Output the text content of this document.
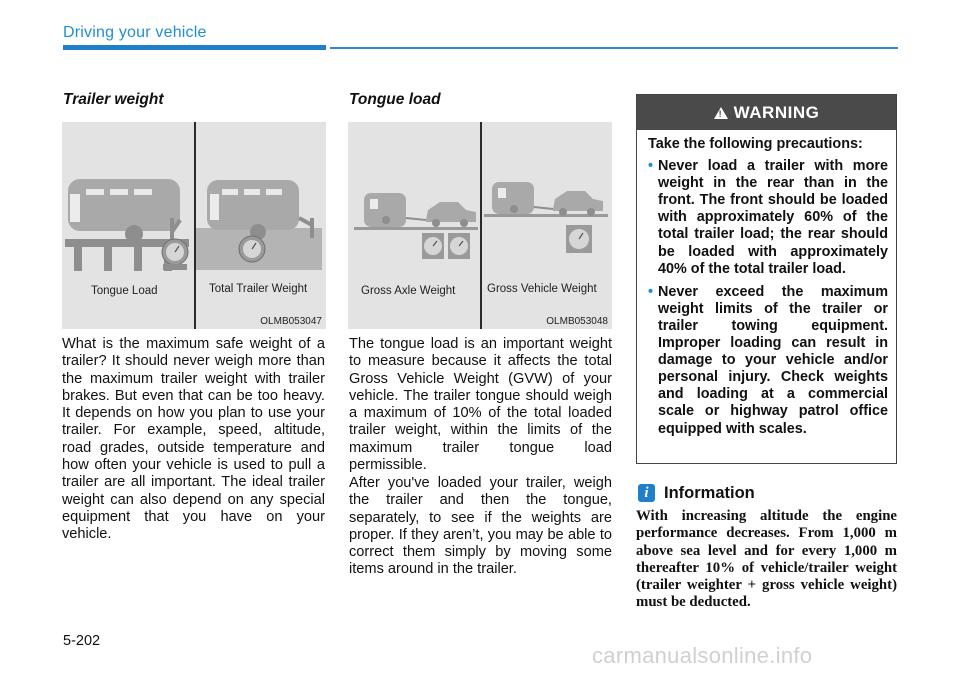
Driving your vehicle
Trailer weight
Tongue Load	Total Trailer Weight
OLMB053047

What is the maximum safe weight of a trailer? It should never weigh more than the maximum trailer weight with trailer brakes. But even that can be too heavy. It depends on how you plan to use your trailer. For example, speed, altitude, road grades, outside temperature and how often your vehicle is used to pull a trailer are all important. The ideal trailer weight can also depend on any special equipment that you have on your vehicle.

Tongue load
Gross Axle Weight	Gross Vehicle Weight
OLMB053048

The tongue load is an important weight to measure because it affects the total Gross Vehicle Weight (GVW) of your vehicle. The trailer tongue should weigh a maximum of 10% of the total loaded trailer weight, within the limits of the maximum trailer tongue load permissible.

After you've loaded your trailer, weigh the trailer and then the tongue, separately, to see if the weights are proper. If they aren’t, you may be able to correct them simply by moving some items around in the trailer.

! WARNING

Take the following precautions:

• Never load a trailer with more weight in the rear than in the front. The front should be loaded with approximately 60% of the total trailer load; the rear should be loaded with approximately 40% of the total trailer load.
• Never exceed the maximum weight limits of the trailer or trailer towing equipment. Improper loading can result in damage to your vehicle and/or personal injury. Check weights and loading at a commercial scale or highway patrol office equipped with scales.
i Information

With increasing altitude the engine performance decreases. From 1,000 m above sea level and for every 1,000 m thereafter 10% of vehicle/trailer weight (trailer weighter + gross vehicle weight) must be deducted.

5-202
carmanualsonline.info
